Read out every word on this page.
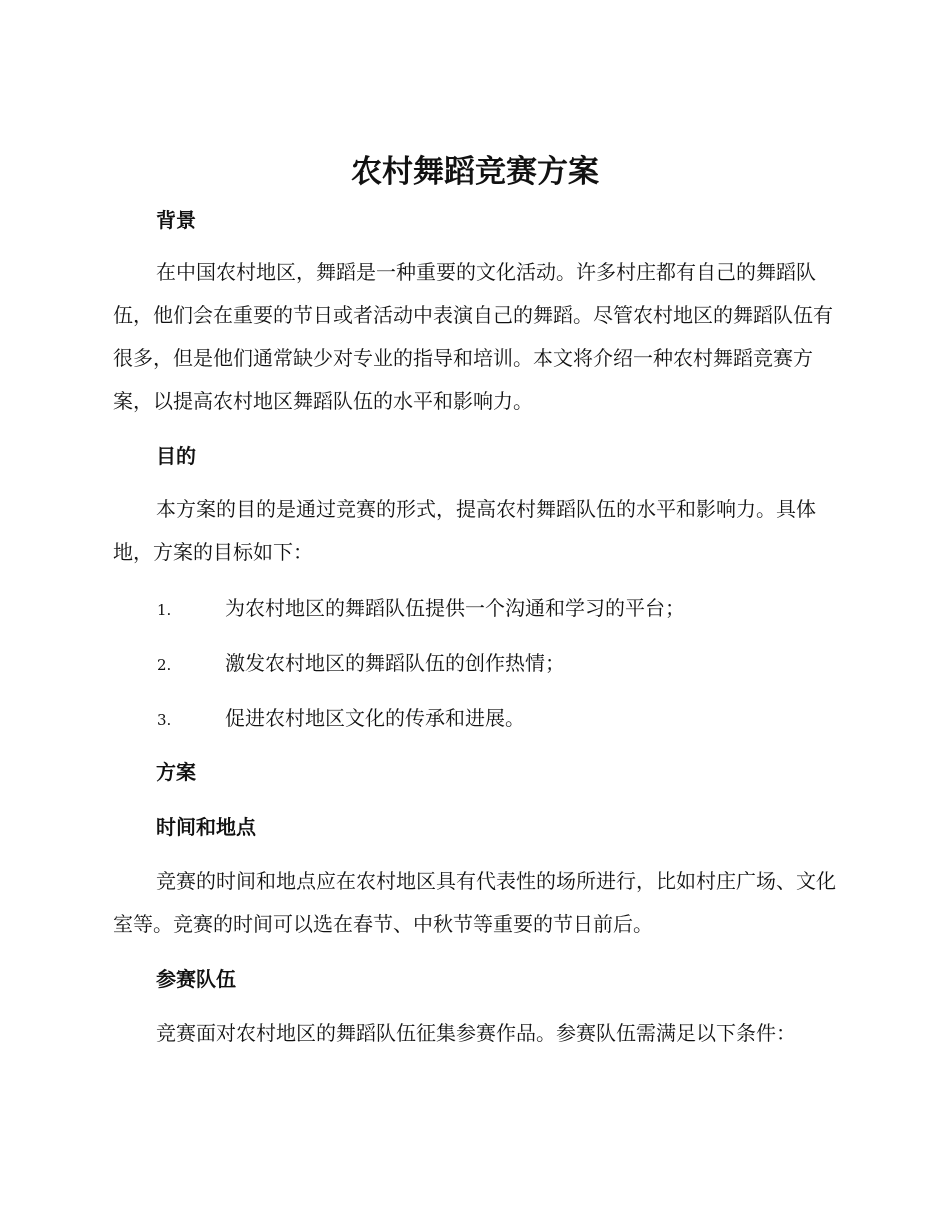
农村舞蹈竞赛方案
背景

在中国农村地区，舞蹈是一种重要的文化活动。许多村庄都有自己的舞蹈队伍，他们会在重要的节日或者活动中表演自己的舞蹈。尽管农村地区的舞蹈队伍有很多，但是他们通常缺少对专业的指导和培训。本文将介绍一种农村舞蹈竞赛方案，以提高农村地区舞蹈队伍的水平和影响力。

目的

本方案的目的是通过竞赛的形式，提高农村舞蹈队伍的水平和影响力。具体地，方案的目标如下：

1.	为农村地区的舞蹈队伍提供一个沟通和学习的平台；
2.	激发农村地区的舞蹈队伍的创作热情；
3.	促进农村地区文化的传承和进展。
方案
时间和地点

竞赛的时间和地点应在农村地区具有代表性的场所进行，比如村庄广场、文化室等。竞赛的时间可以选在春节、中秋节等重要的节日前后。

参赛队伍

竞赛面对农村地区的舞蹈队伍征集参赛作品。参赛队伍需满足以下条件：
